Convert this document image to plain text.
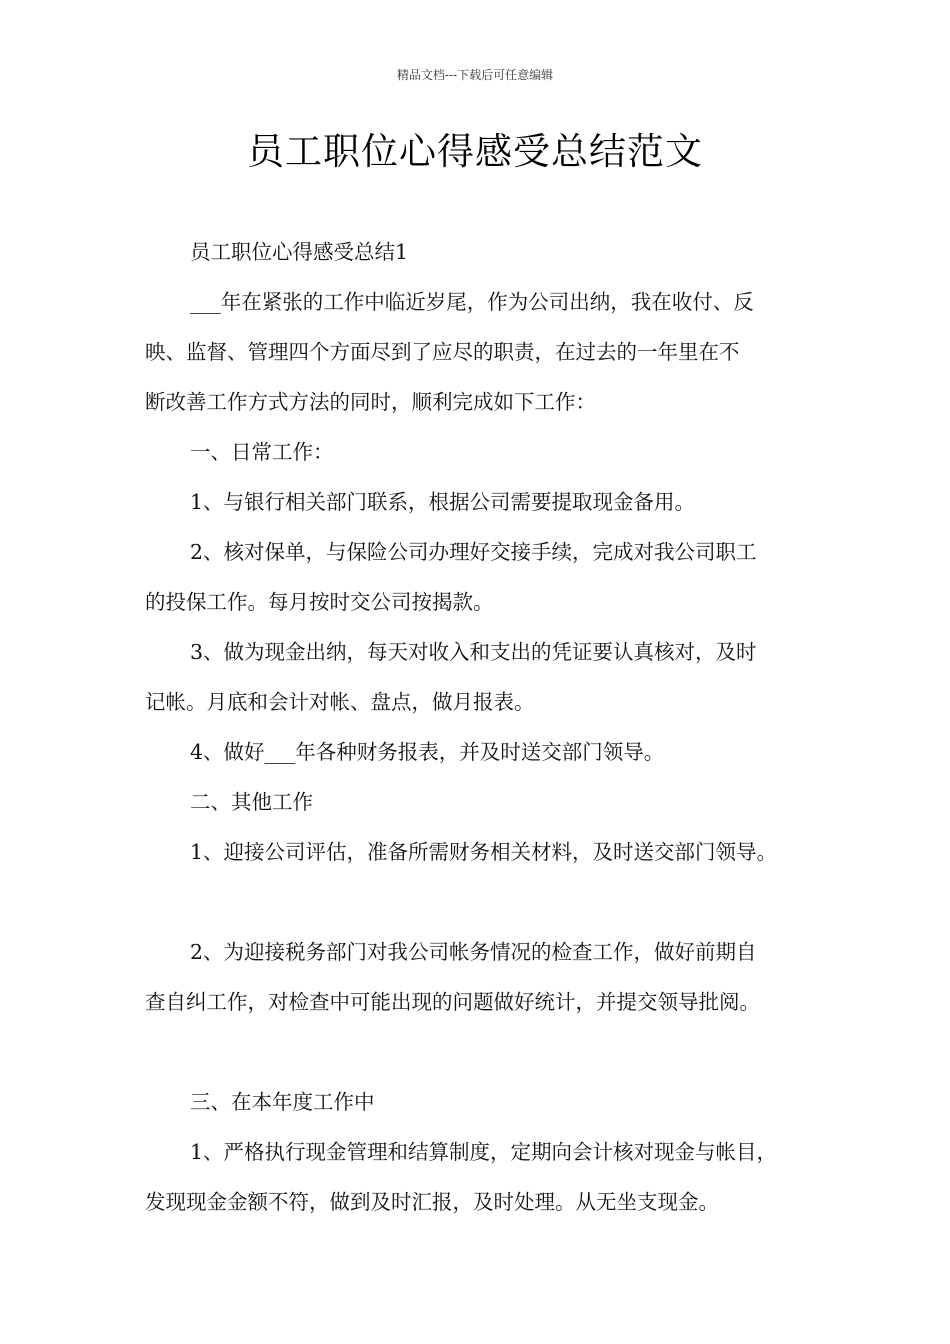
精品文档---下载后可任意编辑
员工职位心得感受总结范文
员工职位心得感受总结1
___年在紧张的工作中临近岁尾，作为公司出纳，我在收付、反
映、监督、管理四个方面尽到了应尽的职责，在过去的一年里在不
断改善工作方式方法的同时，顺利完成如下工作：
一、日常工作：
1、与银行相关部门联系，根据公司需要提取现金备用。
2、核对保单，与保险公司办理好交接手续，完成对我公司职工
的投保工作。每月按时交公司按揭款。
3、做为现金出纳，每天对收入和支出的凭证要认真核对，及时
记帐。月底和会计对帐、盘点，做月报表。
4、做好___年各种财务报表，并及时送交部门领导。
二、其他工作
1、迎接公司评估，准备所需财务相关材料，及时送交部门领导。
2、为迎接税务部门对我公司帐务情况的检查工作，做好前期自
查自纠工作，对检查中可能出现的问题做好统计，并提交领导批阅。
三、在本年度工作中
1、严格执行现金管理和结算制度，定期向会计核对现金与帐目，
发现现金金额不符，做到及时汇报，及时处理。从无坐支现金。
